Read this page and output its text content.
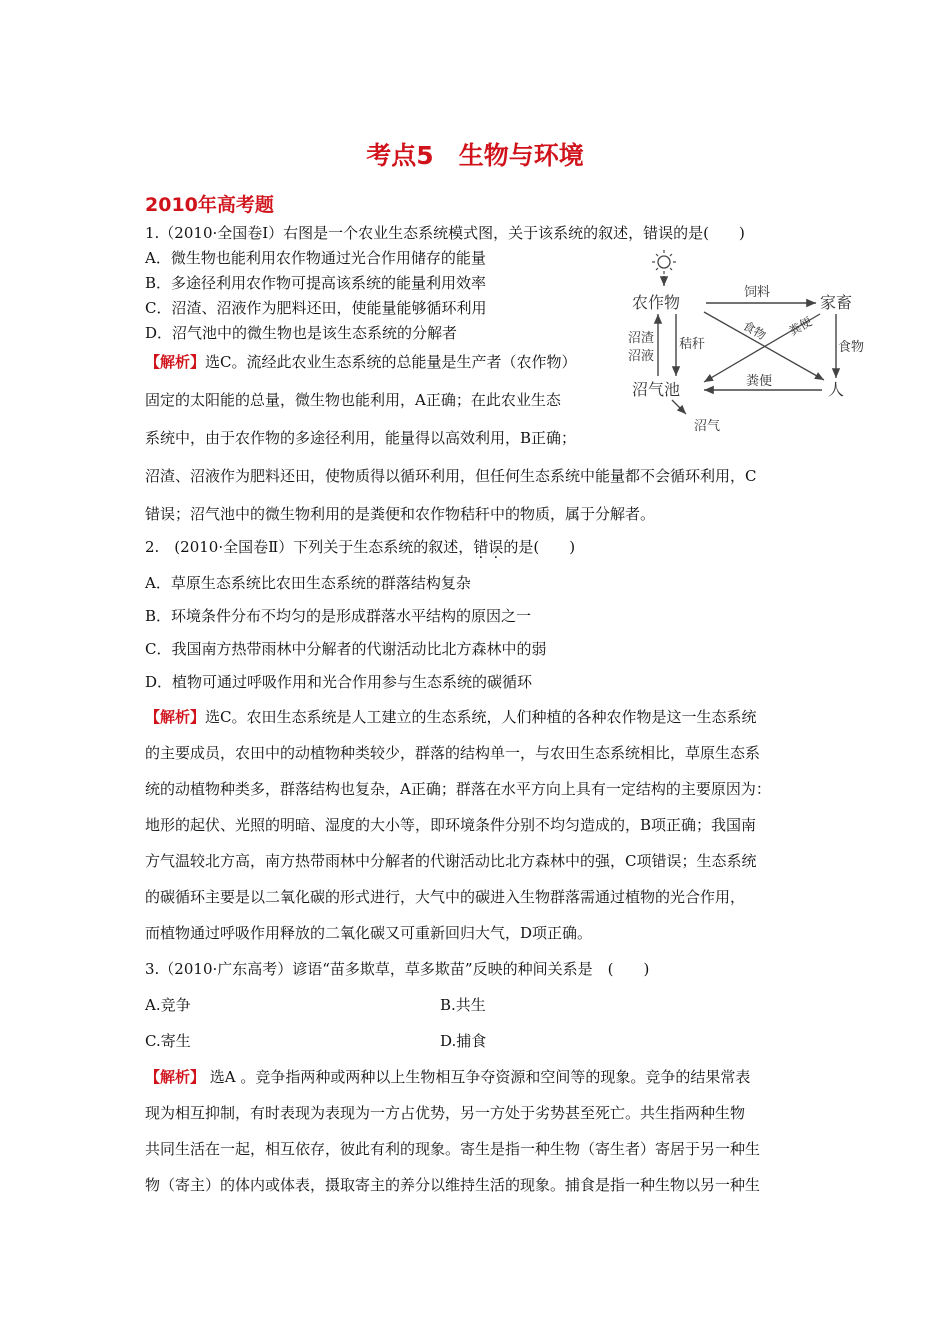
考点5　生物与环境
2010年高考题
1.（2010·全国卷Ⅰ）右图是一个农业生态系统模式图，关于该系统的叙述，错误的是(　　)
A．微生物也能利用农作物通过光合作用储存的能量
B．多途径利用农作物可提高该系统的能量利用效率
C．沼渣、沼液作为肥料还田，使能量能够循环利用
D．沼气池中的微生物也是该生态系统的分解者
【解析】选C。流经此农业生态系统的总能量是生产者（农作物）
固定的太阳能的总量，微生物也能利用，A正确；在此农业生态
系统中，由于农作物的多途径利用，能量得以高效利用，B正确；
沼渣、沼液作为肥料还田，使物质得以循环利用，但任何生态系统中能量都不会循环利用，C
错误；沼气池中的微生物利用的是粪便和农作物秸秆中的物质，属于分解者。
农作物	家畜
沼气池	人
饲料
食物
粪便
秸秆
沼渣
沼液
食物 粪便
沼气
2.　(2010·全国卷Ⅱ）下列关于生态系统的叙述，错误的是(　　)
A．草原生态系统比农田生态系统的群落结构复杂
B．环境条件分布不均匀的是形成群落水平结构的原因之一
C．我国南方热带雨林中分解者的代谢活动比北方森林中的弱
D．植物可通过呼吸作用和光合作用参与生态系统的碳循环
【解析】选C。农田生态系统是人工建立的生态系统，人们种植的各种农作物是这一生态系统
的主要成员，农田中的动植物种类较少，群落的结构单一，与农田生态系统相比，草原生态系
统的动植物种类多，群落结构也复杂，A正确；群落在水平方向上具有一定结构的主要原因为：
地形的起伏、光照的明暗、湿度的大小等，即环境条件分别不均匀造成的，B项正确；我国南
方气温较北方高，南方热带雨林中分解者的代谢活动比北方森林中的强，C项错误；生态系统
的碳循环主要是以二氧化碳的形式进行，大气中的碳进入生物群落需通过植物的光合作用，
而植物通过呼吸作用释放的二氧化碳又可重新回归大气，D项正确。
3.（2010·广东高考）谚语“苗多欺草，草多欺苗”反映的种间关系是　(　　)
A.竞争	B.共生
C.寄生	D.捕食
【解析】 选A 。竞争指两种或两种以上生物相互争夺资源和空间等的现象。竞争的结果常表
现为相互抑制，有时表现为表现为一方占优势，另一方处于劣势甚至死亡。共生指两种生物
共同生活在一起，相互依存，彼此有利的现象。寄生是指一种生物（寄生者）寄居于另一种生
物（寄主）的体内或体表，摄取寄主的养分以维持生活的现象。捕食是指一种生物以另一种生
